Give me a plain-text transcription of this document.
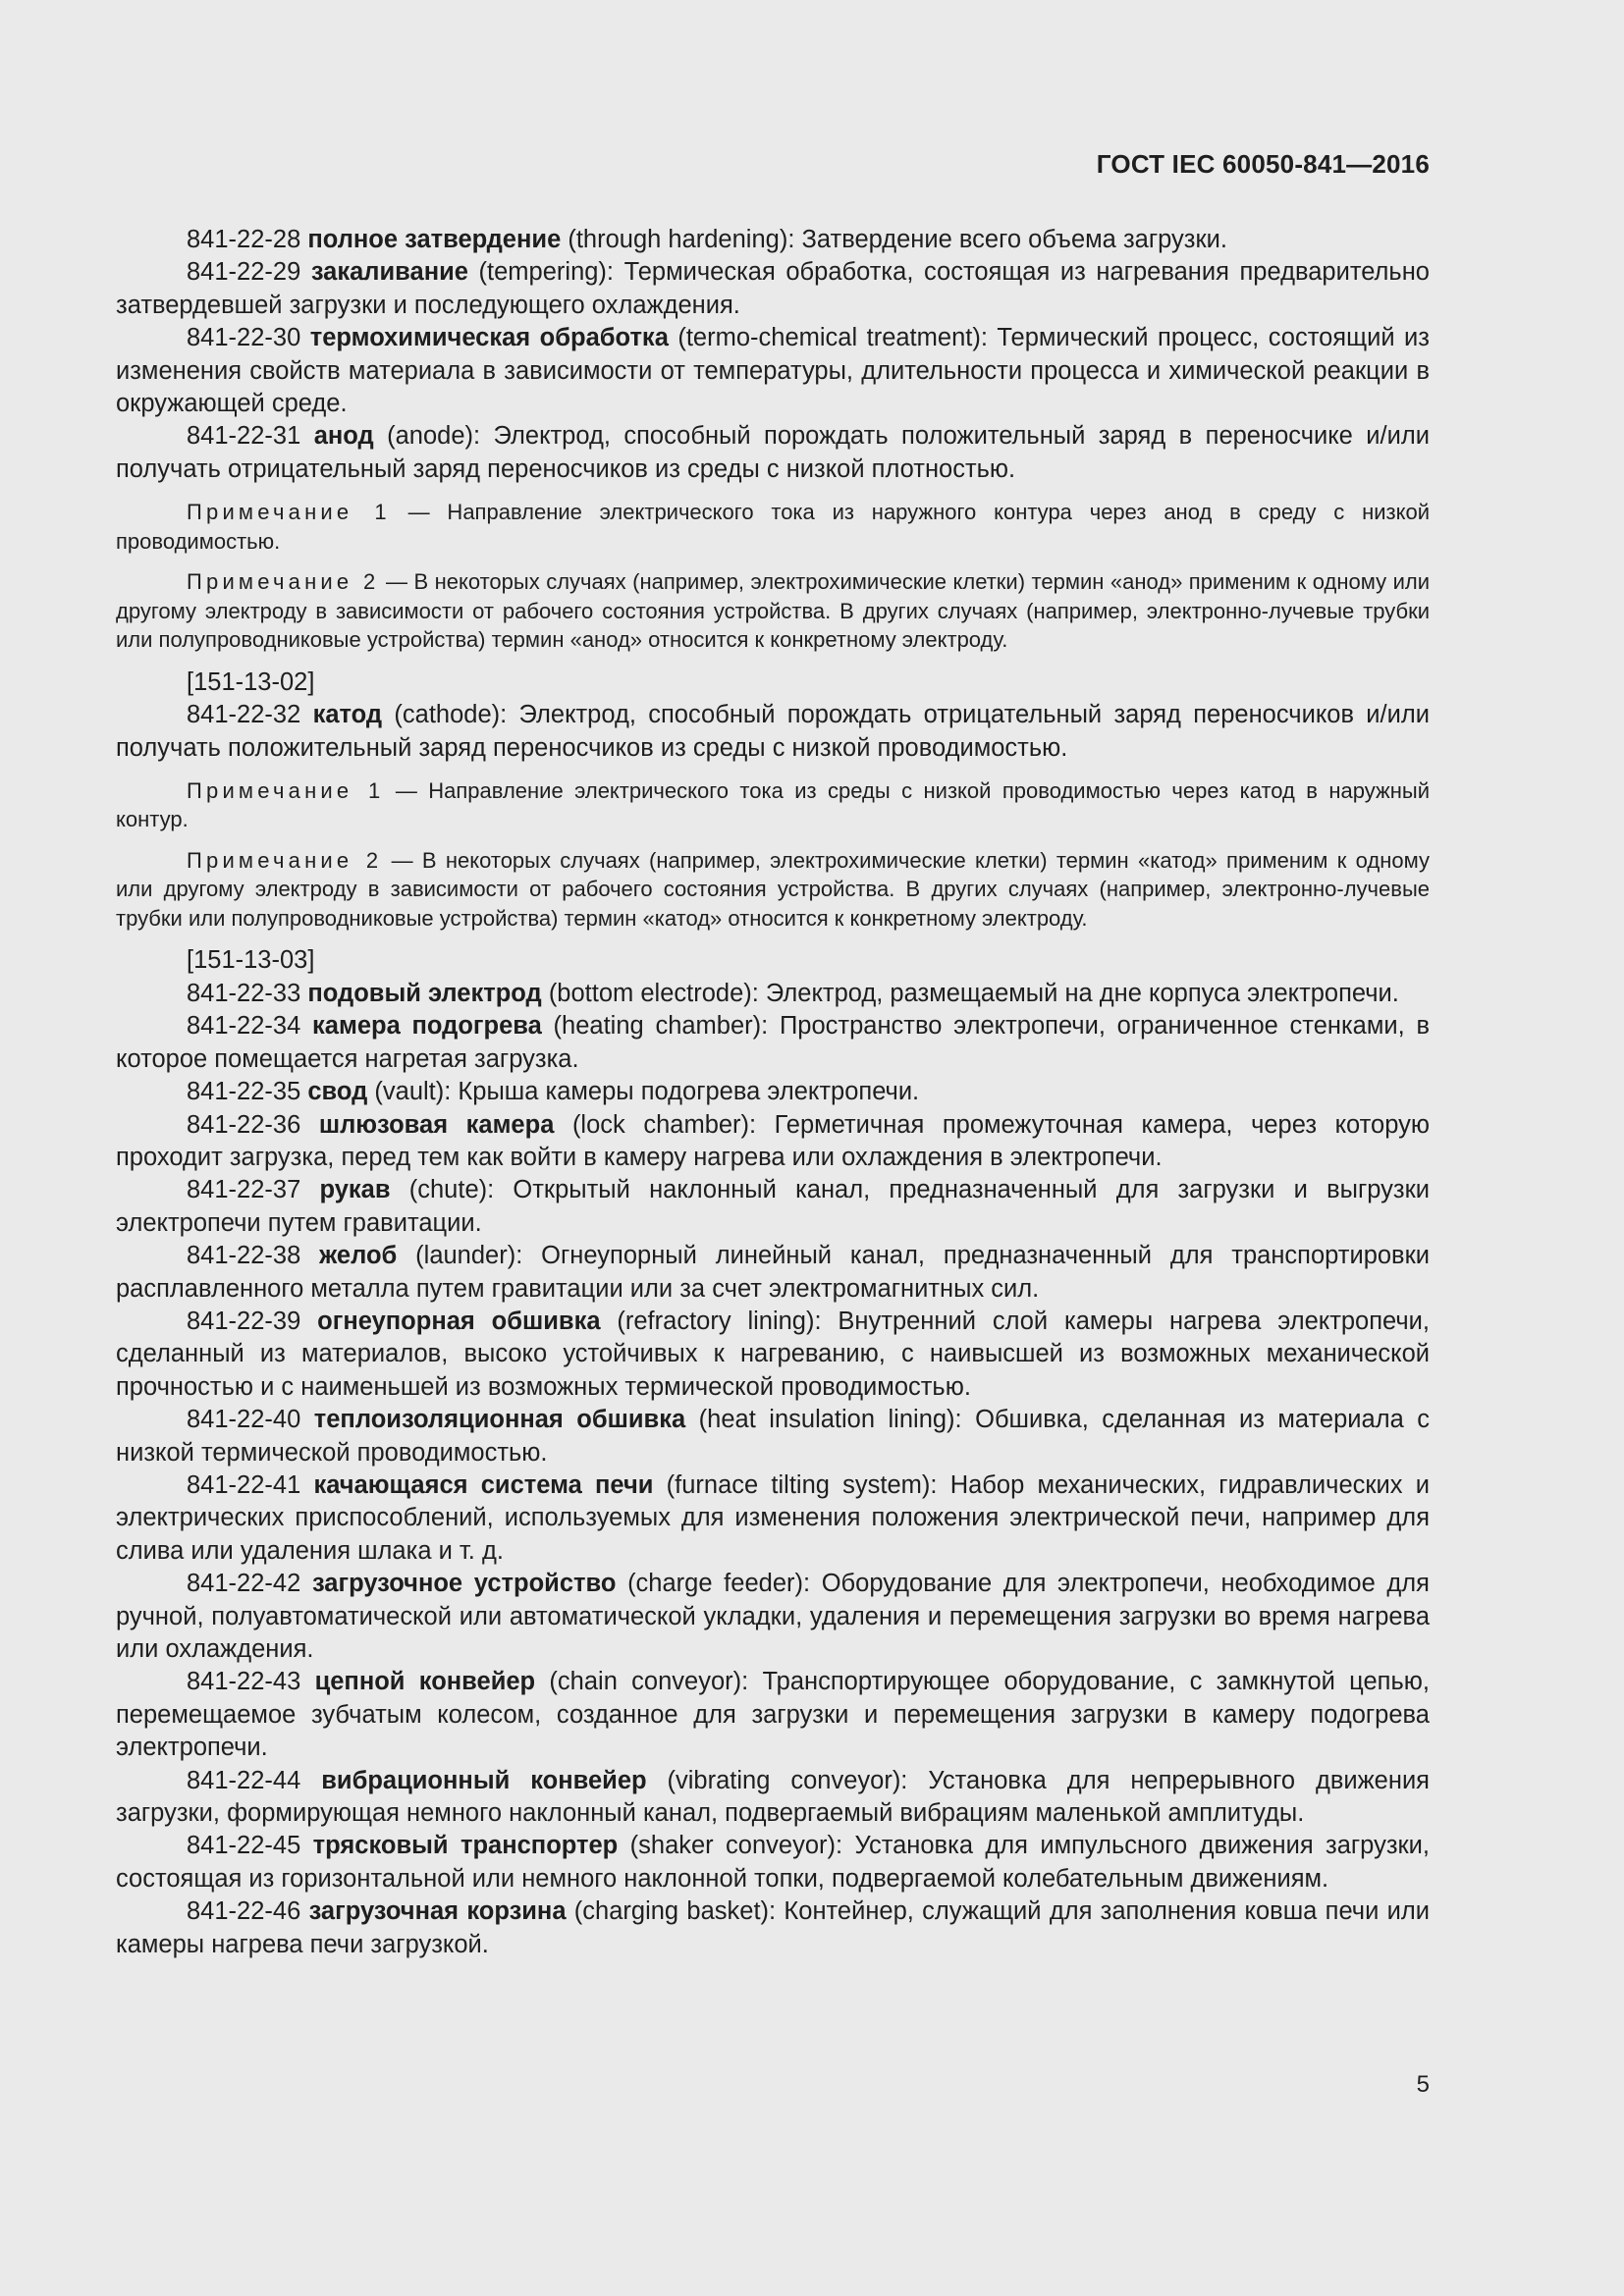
ГОСТ IEC 60050-841—2016

841-22-28 полное затвердение (through hardening): Затвердение всего объема загрузки.

841-22-29 закаливание (tempering): Термическая обработка, состоящая из нагревания предварительно затвердевшей загрузки и последующего охлаждения.

841-22-30 термохимическая обработка (termo-chemical treatment): Термический процесс, состоящий из изменения свойств материала в зависимости от температуры, длительности процесса и химической реакции в окружающей среде.

841-22-31 анод (anode): Электрод, способный порождать положительный заряд в переносчике и/или получать отрицательный заряд переносчиков из среды с низкой плотностью.

Примечание 1 — Направление электрического тока из наружного контура через анод в среду с низкой проводимостью.

Примечание 2 — В некоторых случаях (например, электрохимические клетки) термин «анод» применим к одному или другому электроду в зависимости от рабочего состояния устройства. В других случаях (например, электронно-лучевые трубки или полупроводниковые устройства) термин «анод» относится к конкретному электроду.

[151-13-02]

841-22-32 катод (cathode): Электрод, способный порождать отрицательный заряд переносчиков и/или получать положительный заряд переносчиков из среды с низкой проводимостью.

Примечание 1 — Направление электрического тока из среды с низкой проводимостью через катод в наружный контур.

Примечание 2 — В некоторых случаях (например, электрохимические клетки) термин «катод» применим к одному или другому электроду в зависимости от рабочего состояния устройства. В других случаях (например, электронно-лучевые трубки или полупроводниковые устройства) термин «катод» относится к конкретному электроду.

[151-13-03]

841-22-33 подовый электрод (bottom electrode): Электрод, размещаемый на дне корпуса электропечи.

841-22-34 камера подогрева (heating chamber): Пространство электропечи, ограниченное стенками, в которое помещается нагретая загрузка.

841-22-35 свод (vault): Крыша камеры подогрева электропечи.

841-22-36 шлюзовая камера (lock chamber): Герметичная промежуточная камера, через которую проходит загрузка, перед тем как войти в камеру нагрева или охлаждения в электропечи.

841-22-37 рукав (chute): Открытый наклонный канал, предназначенный для загрузки и выгрузки электропечи путем гравитации.

841-22-38 желоб (launder): Огнеупорный линейный канал, предназначенный для транспортировки расплавленного металла путем гравитации или за счет электромагнитных сил.

841-22-39 огнеупорная обшивка (refractory lining): Внутренний слой камеры нагрева электропечи, сделанный из материалов, высоко устойчивых к нагреванию, с наивысшей из возможных механической прочностью и с наименьшей из возможных термической проводимостью.

841-22-40 теплоизоляционная обшивка (heat insulation lining): Обшивка, сделанная из материала с низкой термической проводимостью.

841-22-41 качающаяся система печи (furnace tilting system): Набор механических, гидравлических и электрических приспособлений, используемых для изменения положения электрической печи, например для слива или удаления шлака и т. д.

841-22-42 загрузочное устройство (charge feeder): Оборудование для электропечи, необходимое для ручной, полуавтоматической или автоматической укладки, удаления и перемещения загрузки во время нагрева или охлаждения.

841-22-43 цепной конвейер (chain conveyor): Транспортирующее оборудование, с замкнутой цепью, перемещаемое зубчатым колесом, созданное для загрузки и перемещения загрузки в камеру подогрева электропечи.

841-22-44 вибрационный конвейер (vibrating conveyor): Установка для непрерывного движения загрузки, формирующая немного наклонный канал, подвергаемый вибрациям маленькой амплитуды.

841-22-45 трясковый транспортер (shaker conveyor): Установка для импульсного движения загрузки, состоящая из горизонтальной или немного наклонной топки, подвергаемой колебательным движениям.

841-22-46 загрузочная корзина (charging basket): Контейнер, служащий для заполнения ковша печи или камеры нагрева печи загрузкой.

5
